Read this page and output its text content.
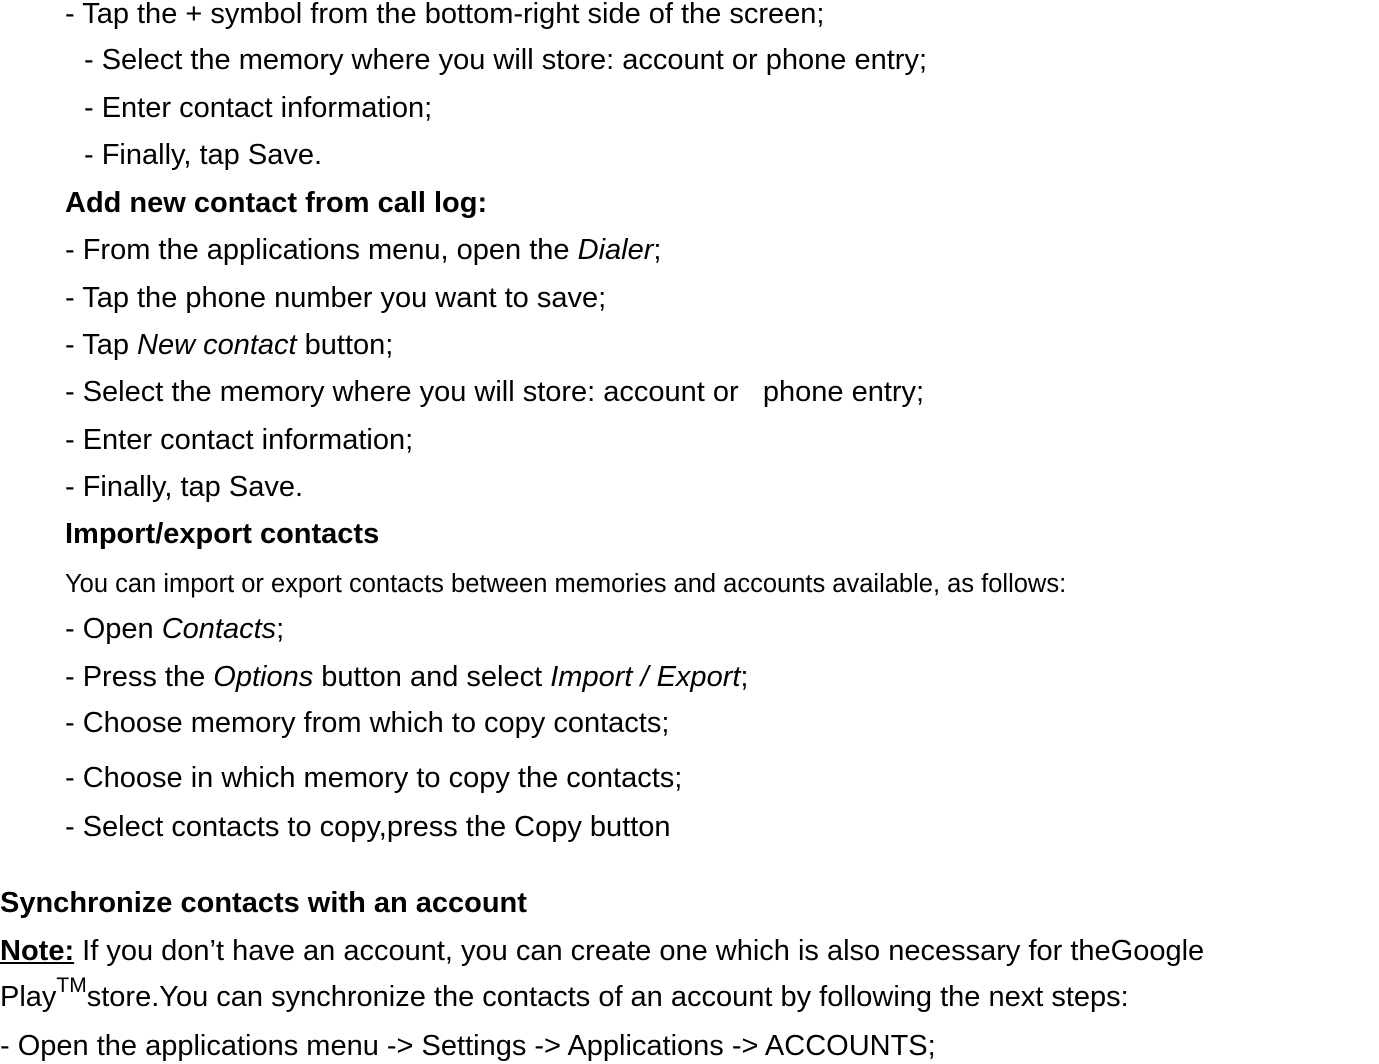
- Tap the + symbol from the bottom-right side of the screen;
- Select the memory where you will store: account or phone entry;
- Enter contact information;
- Finally, tap Save.
Add new contact from call log:
- From the applications menu, open the Dialer;
- Tap the phone number you want to save;
- Tap New contact button;
- Select the memory where you will store: account or   phone entry;
- Enter contact information;
- Finally, tap Save.
Import/export contacts
You can import or export contacts between memories and accounts available, as follows:
- Open Contacts;
- Press the Options button and select Import / Export;
- Choose memory from which to copy contacts;
- Choose in which memory to copy the contacts;
- Select contacts to copy,press the Copy button
Synchronize contacts with an account
Note: If you don’t have an account, you can create one which is also necessary for theGoogle
Play™store.You can synchronize the contacts of an account by following the next steps:
- Open the applications menu -> Settings -> Applications -> ACCOUNTS;
